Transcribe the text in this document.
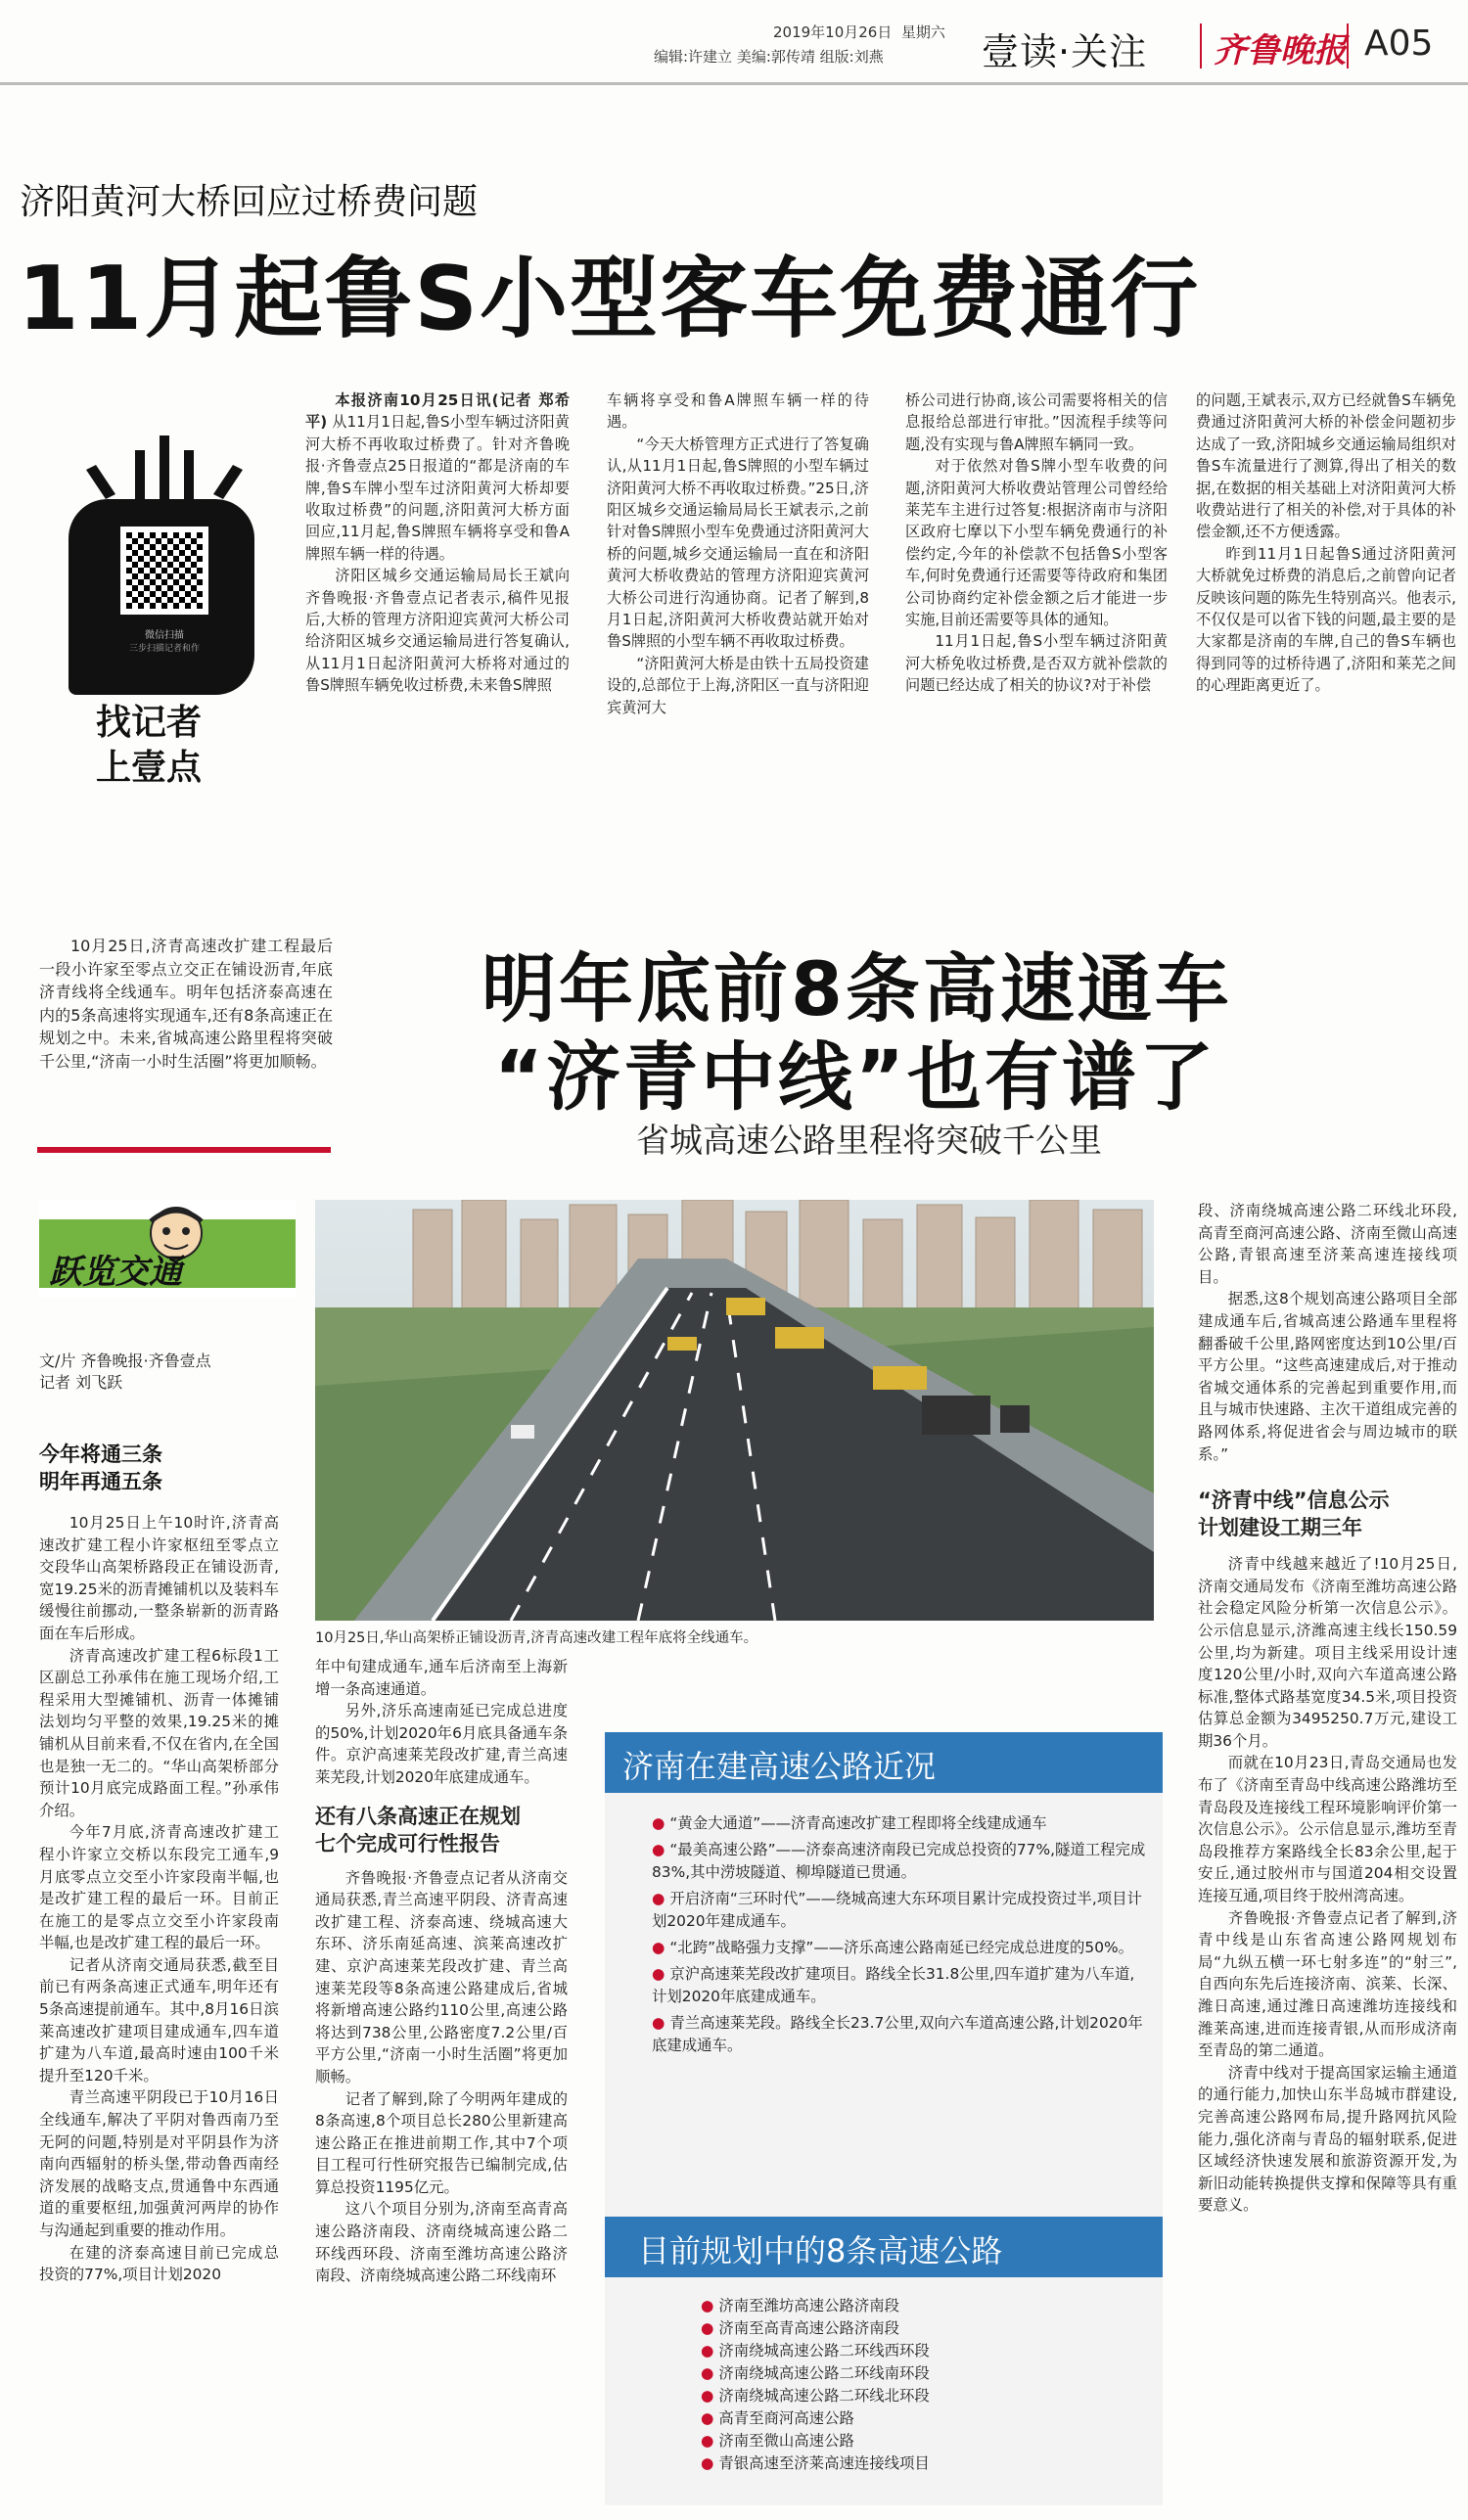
2019年10月26日 星期六
编辑:许建立 美编:郭传靖 组版:刘燕	壹读·关注 齐鲁晚报 A05
济阳黄河大桥回应过桥费问题
11月起鲁S小型客车免费通行
微信扫描
三步扫描记者和作
找记者
上壹点

本报济南10月25日讯(记者 郑希平) 从11月1日起,鲁S小型车辆过济阳黄河大桥不再收取过桥费了。针对齐鲁晚报·齐鲁壹点25日报道的“都是济南的车牌,鲁S车牌小型车过济阳黄河大桥却要收取过桥费”的问题,济阳黄河大桥方面回应,11月起,鲁S牌照车辆将享受和鲁A牌照车辆一样的待遇。

济阳区城乡交通运输局局长王斌向齐鲁晚报·齐鲁壹点记者表示,稿件见报后,大桥的管理方济阳迎宾黄河大桥公司给济阳区城乡交通运输局进行答复确认,从11月1日起济阳黄河大桥将对通过的鲁S牌照车辆免收过桥费,未来鲁S牌照

车辆将享受和鲁A牌照车辆一样的待遇。

“今天大桥管理方正式进行了答复确认,从11月1日起,鲁S牌照的小型车辆过济阳黄河大桥不再收取过桥费。”25日,济阳区城乡交通运输局局长王斌表示,之前针对鲁S牌照小型车免费通过济阳黄河大桥的问题,城乡交通运输局一直在和济阳黄河大桥收费站的管理方济阳迎宾黄河大桥公司进行沟通协商。记者了解到,8月1日起,济阳黄河大桥收费站就开始对鲁S牌照的小型车辆不再收取过桥费。

“济阳黄河大桥是由铁十五局投资建设的,总部位于上海,济阳区一直与济阳迎宾黄河大

桥公司进行协商,该公司需要将相关的信息报给总部进行审批。”因流程手续等问题,没有实现与鲁A牌照车辆同一致。

对于依然对鲁S牌小型车收费的问题,济阳黄河大桥收费站管理公司曾经给莱芜车主进行过答复:根据济南市与济阳区政府七摩以下小型车辆免费通行的补偿约定,今年的补偿款不包括鲁S小型客车,何时免费通行还需要等待政府和集团公司协商约定补偿金额之后才能进一步实施,目前还需要等具体的通知。

11月1日起,鲁S小型车辆过济阳黄河大桥免收过桥费,是否双方就补偿款的问题已经达成了相关的协议?对于补偿

的问题,王斌表示,双方已经就鲁S车辆免费通过济阳黄河大桥的补偿金问题初步达成了一致,济阳城乡交通运输局组织对鲁S车流量进行了测算,得出了相关的数据,在数据的相关基础上对济阳黄河大桥收费站进行了相关的补偿,对于具体的补偿金额,还不方便透露。

昨到11月1日起鲁S通过济阳黄河大桥就免过桥费的消息后,之前曾向记者反映该问题的陈先生特别高兴。他表示,不仅仅是可以省下钱的问题,最主要的是大家都是济南的车牌,自己的鲁S车辆也得到同等的过桥待遇了,济阳和莱芜之间的心理距离更近了。

10月25日,济青高速改扩建工程最后一段小许家至零点立交正在铺设沥青,年底济青线将全线通车。明年包括济泰高速在内的5条高速将实现通车,还有8条高速正在规划之中。未来,省城高速公路里程将突破千公里,“济南一小时生活圈”将更加顺畅。

明年底前8条高速通车
“济青中线”也有谱了
省城高速公路里程将突破千公里
跃览交通
文/片 齐鲁晚报·齐鲁壹点
记者 刘飞跃
今年将通三条
明年再通五条

10月25日上午10时许,济青高速改扩建工程小许家枢纽至零点立交段华山高架桥路段正在铺设沥青,宽19.25米的沥青摊铺机以及装料车缓慢往前挪动,一整条崭新的沥青路面在车后形成。

济青高速改扩建工程6标段1工区副总工孙承伟在施工现场介绍,工程采用大型摊铺机、沥青一体摊铺法划均匀平整的效果,19.25米的摊铺机从目前来看,不仅在省内,在全国也是独一无二的。“华山高架桥部分预计10月底完成路面工程。”孙承伟介绍。

今年7月底,济青高速改扩建工程小许家立交桥以东段完工通车,9月底零点立交至小许家段南半幅,也是改扩建工程的最后一环。目前正在施工的是零点立交至小许家段南半幅,也是改扩建工程的最后一环。

记者从济南交通局获悉,截至目前已有两条高速正式通车,明年还有5条高速提前通车。其中,8月16日滨莱高速改扩建项目建成通车,四车道扩建为八车道,最高时速由100千米提升至120千米。

青兰高速平阴段已于10月16日全线通车,解决了平阴对鲁西南乃至无阿的问题,特别是对平阴县作为济南向西辐射的桥头堡,带动鲁西南经济发展的战略支点,贯通鲁中东西通道的重要枢纽,加强黄河两岸的协作与沟通起到重要的推动作用。

在建的济泰高速目前已完成总投资的77%,项目计划2020

10月25日,华山高架桥正铺设沥青,济青高速改建工程年底将全线通车。

年中旬建成通车,通车后济南至上海新增一条高速通道。

另外,济乐高速南延已完成总进度的50%,计划2020年6月底具备通车条件。京沪高速莱芜段改扩建,青兰高速莱芜段,计划2020年底建成通车。

还有八条高速正在规划
七个完成可行性报告

齐鲁晚报·齐鲁壹点记者从济南交通局获悉,青兰高速平阴段、济青高速改扩建工程、济泰高速、绕城高速大东环、济乐南延高速、滨莱高速改扩建、京沪高速莱芜段改扩建、青兰高速莱芜段等8条高速公路建成后,省城将新增高速公路约110公里,高速公路将达到738公里,公路密度7.2公里/百平方公里,“济南一小时生活圈”将更加顺畅。

记者了解到,除了今明两年建成的8条高速,8个项目总长280公里新建高速公路正在推进前期工作,其中7个项目工程可行性研究报告已编制完成,估算总投资1195亿元。

这八个项目分别为,济南至高青高速公路济南段、济南绕城高速公路二环线西环段、济南至潍坊高速公路济南段、济南绕城高速公路二环线南环

段、济南绕城高速公路二环线北环段,高青至商河高速公路、济南至微山高速公路,青银高速至济莱高速连接线项目。

据悉,这8个规划高速公路项目全部建成通车后,省城高速公路通车里程将翻番破千公里,路网密度达到10公里/百平方公里。“这些高速建成后,对于推动省城交通体系的完善起到重要作用,而且与城市快速路、主次干道组成完善的路网体系,将促进省会与周边城市的联系。”

“济青中线”信息公示
计划建设工期三年

济青中线越来越近了!10月25日,济南交通局发布《济南至潍坊高速公路社会稳定风险分析第一次信息公示》。公示信息显示,济潍高速主线长150.59公里,均为新建。项目主线采用设计速度120公里/小时,双向六车道高速公路标准,整体式路基宽度34.5米,项目投资估算总金额为3495250.7万元,建设工期36个月。

而就在10月23日,青岛交通局也发布了《济南至青岛中线高速公路潍坊至青岛段及连接线工程环境影响评价第一次信息公示》。公示信息显示,潍坊至青岛段推荐方案路线全长83余公里,起于安丘,通过胶州市与国道204相交设置连接互通,项目终于胶州湾高速。

齐鲁晚报·齐鲁壹点记者了解到,济青中线是山东省高速公路网规划布局“九纵五横一环七射多连”的“射三”,自西向东先后连接济南、滨莱、长深、潍日高速,通过潍日高速潍坊连接线和潍莱高速,进而连接青银,从而形成济南至青岛的第二通道。

济青中线对于提高国家运输主通道的通行能力,加快山东半岛城市群建设,完善高速公路网布局,提升路网抗风险能力,强化济南与青岛的辐射联系,促进区域经济快速发展和旅游资源开发,为新旧动能转换提供支撑和保障等具有重要意义。

济南在建高速公路近况
● “黄金大通道”——济青高速改扩建工程即将全线建成通车
● “最美高速公路”——济泰高速济南段已完成总投资的77%,隧道工程完成83%,其中涝坡隧道、柳埠隧道已贯通。
● 开启济南“三环时代”——绕城高速大东环项目累计完成投资过半,项目计划2020年建成通车。
● “北跨”战略强力支撑”——济乐高速公路南延已经完成总进度的50%。
● 京沪高速莱芜段改扩建项目。路线全长31.8公里,四车道扩建为八车道,计划2020年底建成通车。
● 青兰高速莱芜段。路线全长23.7公里,双向六车道高速公路,计划2020年底建成通车。
目前规划中的8条高速公路
● 济南至潍坊高速公路济南段
● 济南至高青高速公路济南段
● 济南绕城高速公路二环线西环段
● 济南绕城高速公路二环线南环段
● 济南绕城高速公路二环线北环段
● 高青至商河高速公路
● 济南至微山高速公路
● 青银高速至济莱高速连接线项目
